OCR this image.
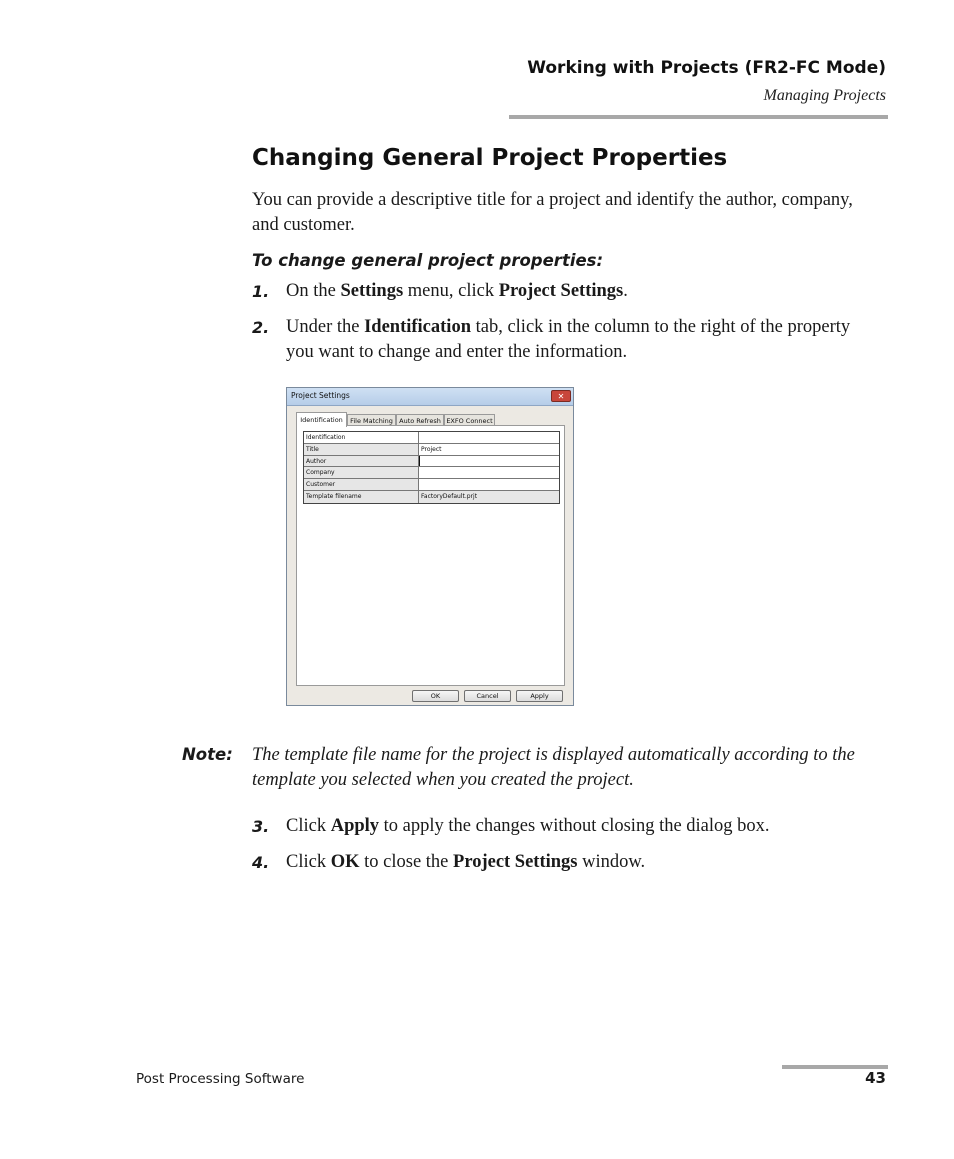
Working with Projects (FR2-FC Mode)
Managing Projects
Changing General Project Properties
You can provide a descriptive title for a project and identify the author, company, and customer.
To change general project properties:
1. On the Settings menu, click Project Settings.
2. Under the Identification tab, click in the column to the right of the property you want to change and enter the information.
Project Settings	✕
Identification	File Matching Auto Refresh EXFO Connect
Identification
Title	Project
Author
Company
Customer
Template filename	FactoryDefault.prjt
OK	Cancel	Apply
Note: The template file name for the project is displayed automatically according to the template you selected when you created the project.
3. Click Apply to apply the changes without closing the dialog box.
4. Click OK to close the Project Settings window.
Post Processing Software	43
